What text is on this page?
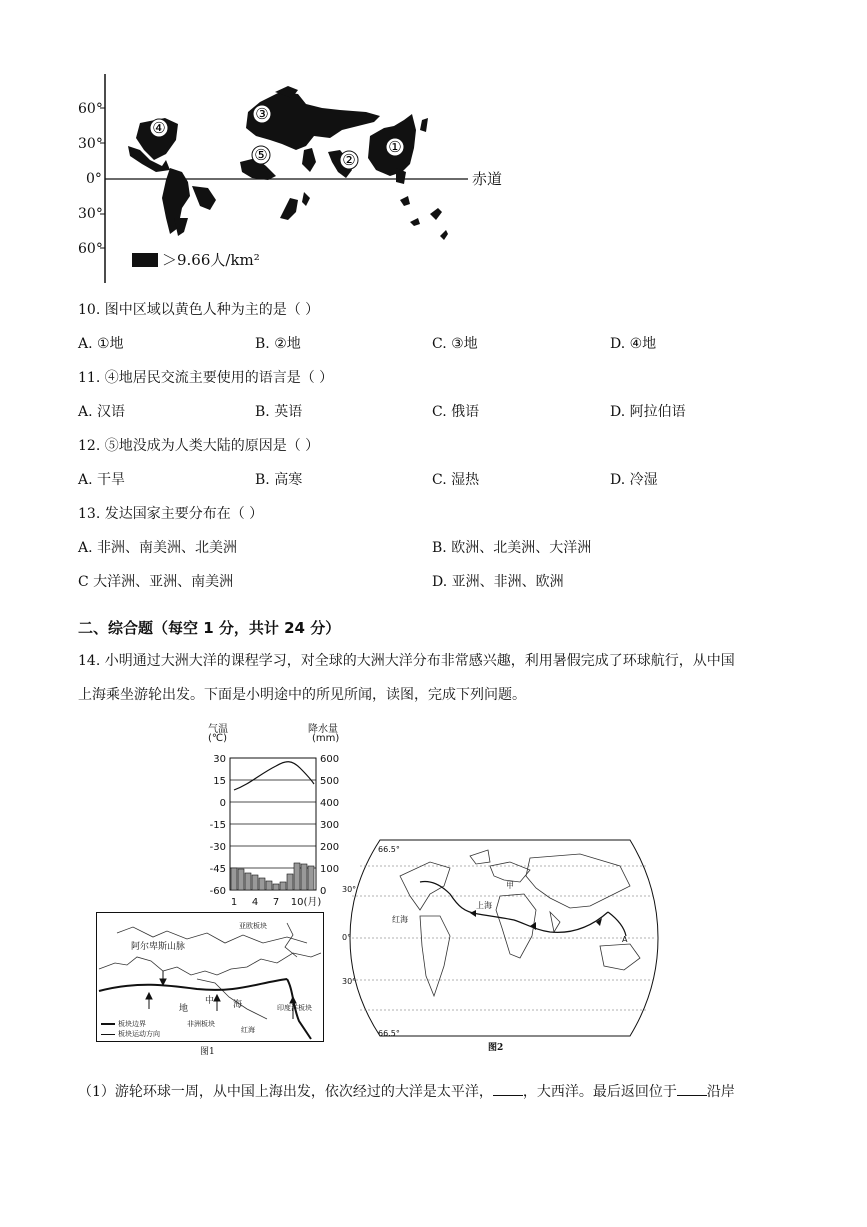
④
③
⑤	②
①
60°
30°
0°
30°
60°
赤道
＞9.66人/km²
10. 图中区域以黄色人种为主的是（ ）
A. ①地	B. ②地	C. ③地	D. ④地
11. ④地居民交流主要使用的语言是（ ）
A. 汉语	B. 英语	C. 俄语	D. 阿拉伯语
12. ⑤地没成为人类大陆的原因是（ ）
A. 干旱	B. 高寒	C. 湿热	D. 冷湿
13. 发达国家主要分布在（ ）
A. 非洲、南美洲、北美洲	B. 欧洲、北美洲、大洋洲
C 大洋洲、亚洲、南美洲	D. 亚洲、非洲、欧洲
二、综合题（每空 1 分，共计 24 分）
14. 小明通过大洲大洋的课程学习，对全球的大洲大洋分布非常感兴趣，利用暑假完成了环球航行，从中国
上海乘坐游轮出发。下面是小明途中的所见所闻，读图，完成下列问题。
气温
(℃)
降水量
(mm)
30
15
0
-15
-30
-45
-60
600
500
400
300
200
100
0
1 4 7 10(月)
亚欧板块
阿尔卑斯山脉
地
中 海
非洲板块
红海
印度洋板块
板块边界
板块运动方向
图1
66.5°
30°
0°
30°
66.5°
甲
上海
红海
A
图2
（1）游轮环球一周，从中国上海出发，依次经过的大洋是太平洋， ，大西洋。最后返回位于 沿岸
